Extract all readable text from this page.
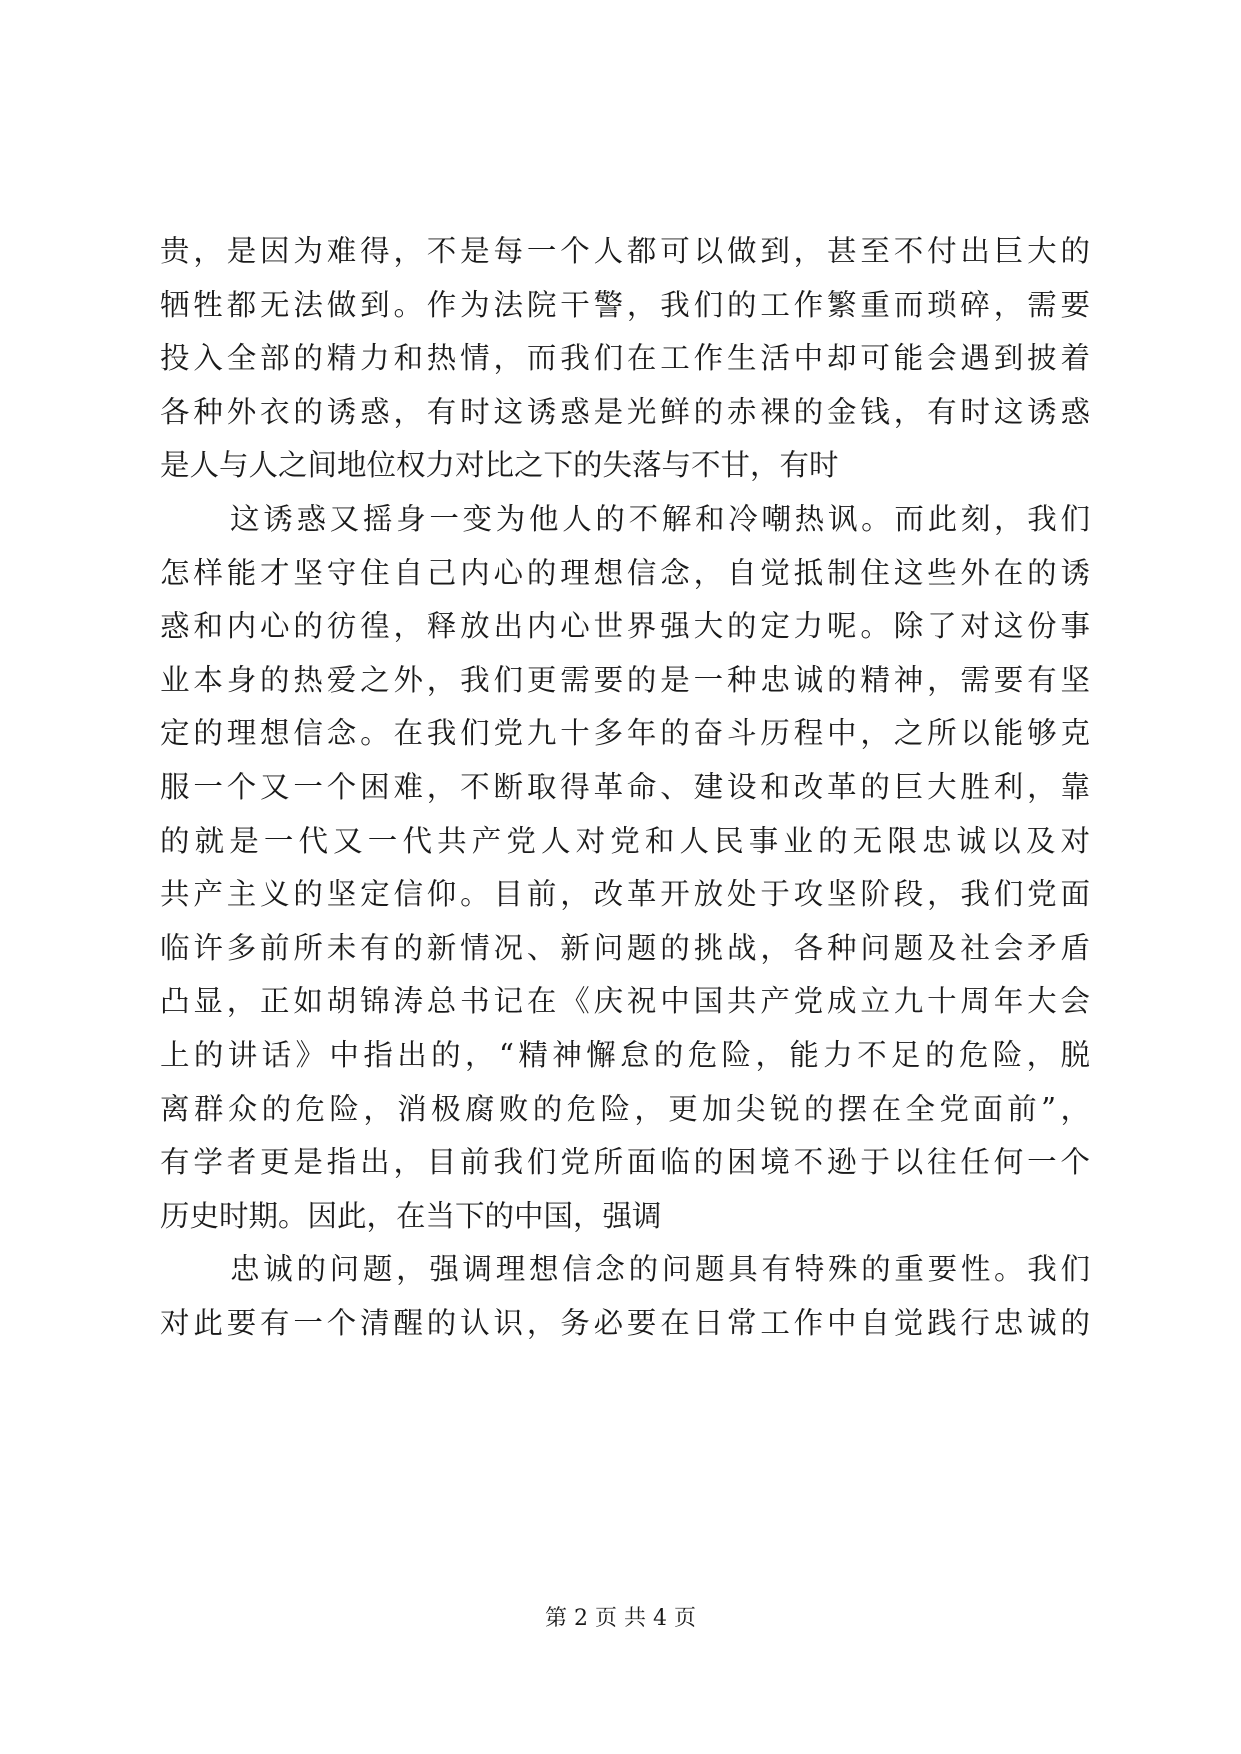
贵，是因为难得，不是每一个人都可以做到，甚至不付出巨大的
牺牲都无法做到。作为法院干警，我们的工作繁重而琐碎，需要
投入全部的精力和热情，而我们在工作生活中却可能会遇到披着
各种外衣的诱惑，有时这诱惑是光鲜的赤裸的金钱，有时这诱惑
是人与人之间地位权力对比之下的失落与不甘，有时
这诱惑又摇身一变为他人的不解和冷嘲热讽。而此刻，我们
怎样能才坚守住自己内心的理想信念，自觉抵制住这些外在的诱
惑和内心的彷徨，释放出内心世界强大的定力呢。除了对这份事
业本身的热爱之外，我们更需要的是一种忠诚的精神，需要有坚
定的理想信念。在我们党九十多年的奋斗历程中，之所以能够克
服一个又一个困难，不断取得革命、建设和改革的巨大胜利，靠
的就是一代又一代共产党人对党和人民事业的无限忠诚以及对
共产主义的坚定信仰。目前，改革开放处于攻坚阶段，我们党面
临许多前所未有的新情况、新问题的挑战，各种问题及社会矛盾
凸显，正如胡锦涛总书记在《庆祝中国共产党成立九十周年大会
上的讲话》中指出的，“精神懈怠的危险，能力不足的危险，脱
离群众的危险，消极腐败的危险，更加尖锐的摆在全党面前”，
有学者更是指出，目前我们党所面临的困境不逊于以往任何一个
历史时期。因此，在当下的中国，强调
忠诚的问题，强调理想信念的问题具有特殊的重要性。我们
对此要有一个清醒的认识，务必要在日常工作中自觉践行忠诚的
第 2 页 共 4 页
